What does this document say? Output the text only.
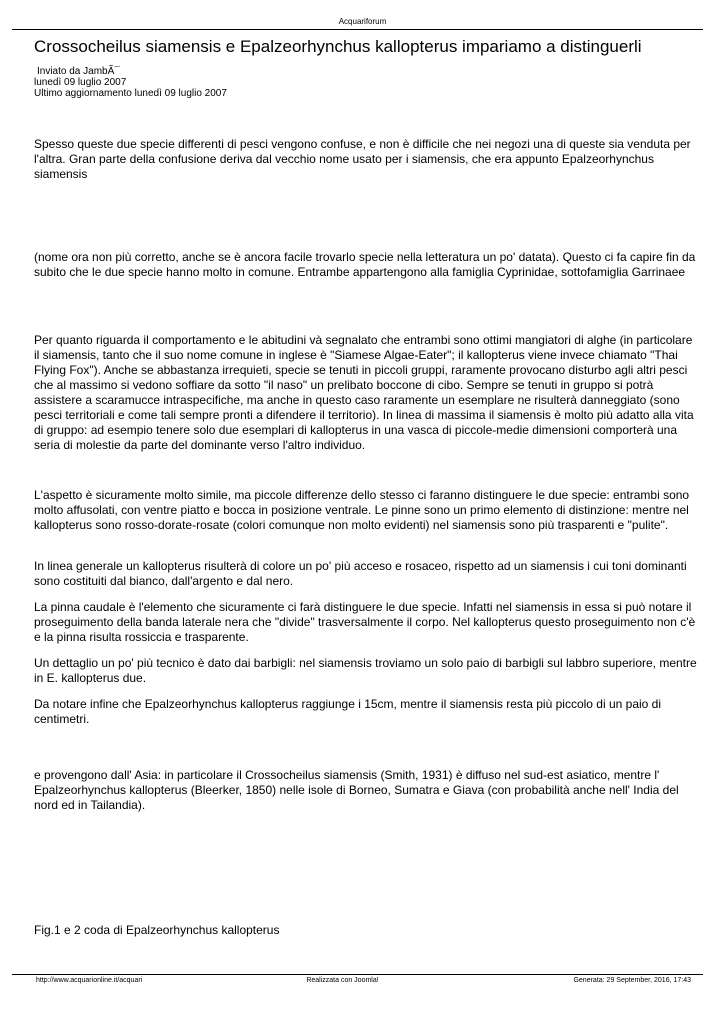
Acquariforum
Crossocheilus siamensis e Epalzeorhynchus kallopterus impariamo a distinguerli
Inviato da JambÃ¯
lunedì 09 luglio 2007
Ultimo aggiornamento lunedì 09 luglio 2007

Spesso queste due specie differenti di pesci vengono confuse, e non è difficile che nei negozi una di queste sia venduta per l'altra. Gran parte della confusione deriva dal vecchio nome usato per i siamensis, che era appunto Epalzeorhynchus siamensis

(nome ora non più corretto, anche se è ancora facile trovarlo specie nella letteratura un po' datata). Questo ci fa capire fin da subito che le due specie hanno molto in comune. Entrambe appartengono alla famiglia Cyprinidae, sottofamiglia Garrinaee

Per quanto riguarda il comportamento e le abitudini và segnalato che entrambi sono ottimi mangiatori di alghe (in particolare il siamensis, tanto che il suo nome comune in inglese è "Siamese Algae-Eater"; il kallopterus viene invece chiamato "Thai Flying Fox"). Anche se abbastanza irrequieti, specie se tenuti in piccoli gruppi, raramente provocano disturbo agli altri pesci che al massimo si vedono soffiare da sotto "il naso" un prelibato boccone di cibo. Sempre se tenuti in gruppo si potrà assistere a scaramucce intraspecifiche, ma anche in questo caso raramente un esemplare ne risulterà danneggiato (sono pesci territoriali e come tali sempre pronti a difendere il territorio). In linea di massima il siamensis è molto più adatto alla vita di gruppo: ad esempio tenere solo due esemplari di kallopterus in una vasca di piccole-medie dimensioni comporterà una seria di molestie da parte del dominante verso l'altro individuo.

L'aspetto è sicuramente molto simile, ma piccole differenze dello stesso ci faranno distinguere le due specie: entrambi sono molto affusolati, con ventre piatto e bocca in posizione ventrale. Le pinne sono un primo elemento di distinzione: mentre nel kallopterus sono rosso-dorate-rosate (colori comunque non molto evidenti) nel siamensis sono più trasparenti e "pulite".

In linea generale un kallopterus risulterà di colore un po' più acceso e rosaceo, rispetto ad un siamensis i cui toni dominanti sono costituiti dal bianco, dall'argento e dal nero.

La pinna caudale è l'elemento che sicuramente ci farà distinguere le due specie. Infatti nel siamensis in essa si può notare il proseguimento della banda laterale nera che "divide" trasversalmente il corpo. Nel kallopterus questo proseguimento non c'è e la pinna risulta rossiccia e trasparente.

Un dettaglio un po' più tecnico è dato dai barbigli: nel siamensis troviamo un solo paio di barbigli sul labbro superiore, mentre in E. kallopterus due.

Da notare infine che Epalzeorhynchus kallopterus raggiunge i 15cm, mentre il siamensis resta più piccolo di un paio di centimetri.

e provengono dall' Asia: in particolare il Crossocheilus siamensis (Smith, 1931) è diffuso nel sud-est asiatico, mentre l' Epalzeorhynchus kallopterus (Bleerker, 1850) nelle isole di Borneo, Sumatra e Giava (con probabilità anche nell' India del nord ed in Tailandia).

Fig.1 e 2 coda di Epalzeorhynchus kallopterus

http://www.acquarionline.it/acquari	Realizzata con Joomla!	Generata: 29 September, 2016, 17:43
